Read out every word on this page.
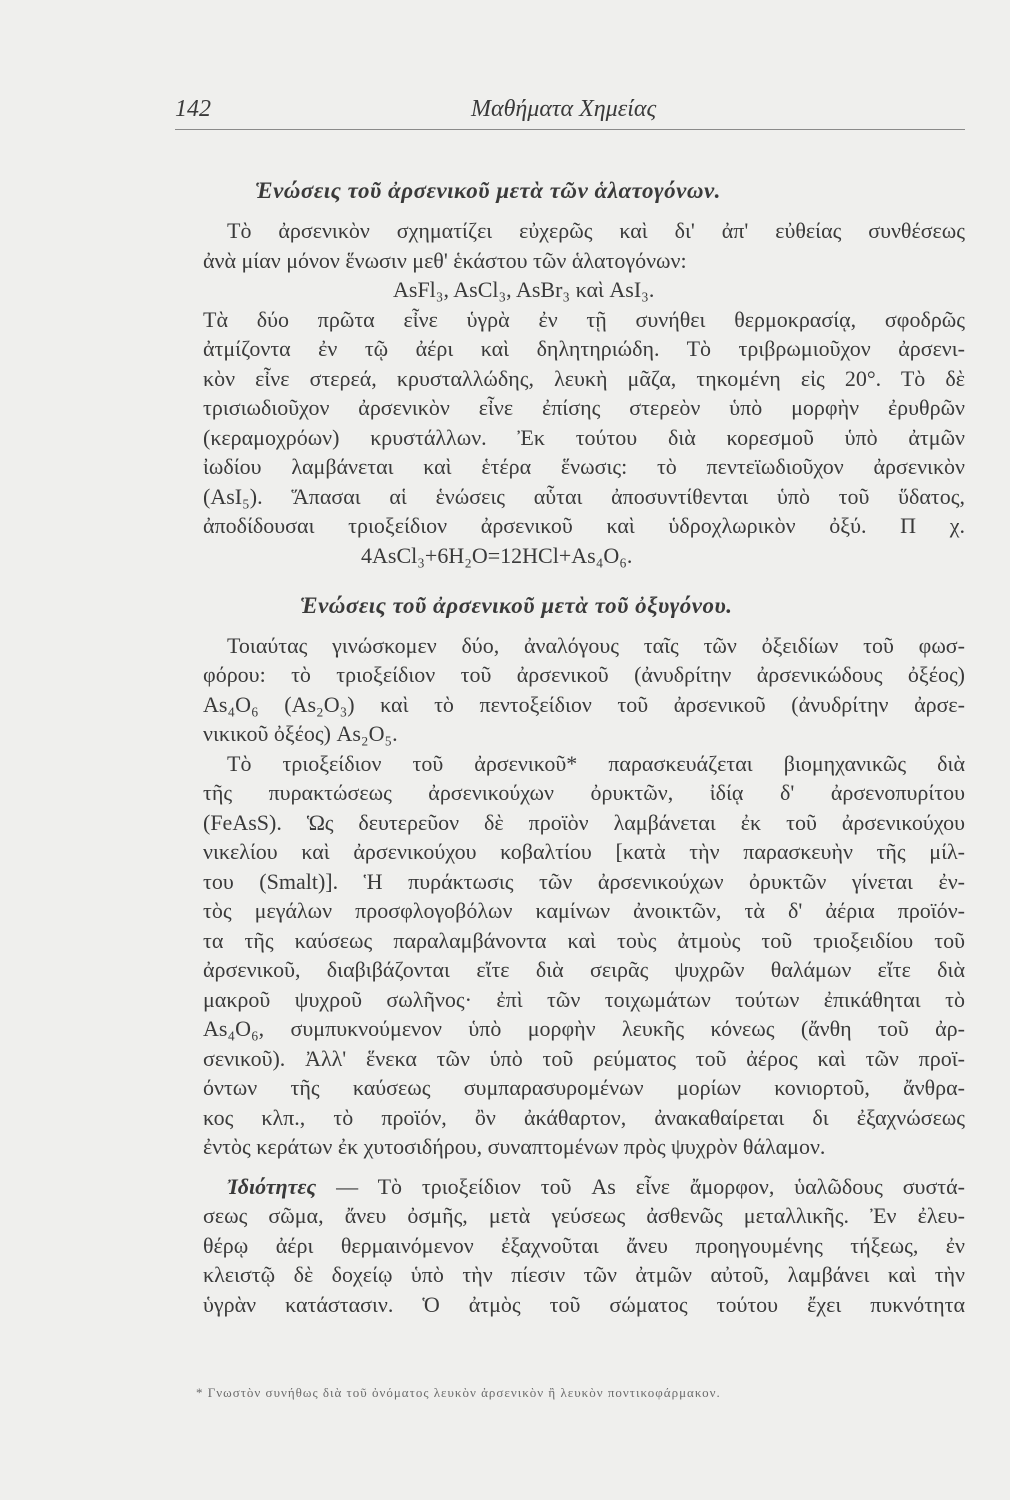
142	Μαθήματα Χημείας
Ἑνώσεις τοῦ ἀρσενικοῦ μετὰ τῶν ἁλατογόνων.
Τὸ ἀρσενικὸν σχηματίζει εὐχερῶς καὶ δι' ἀπ' εὐθείας συνθέσεως
ἀνὰ μίαν μόνον ἕνωσιν μεθ' ἑκάστου τῶν ἁλατογόνων:
AsFl₃, AsCl₃, AsBr₃ καὶ AsI₃.
Τὰ δύο πρῶτα εἶνε ὑγρὰ ἐν τῇ συνήθει θερμοκρασίᾳ, σφοδρῶς
ἀτμίζοντα ἐν τῷ ἀέρι καὶ δηλητηριώδη. Τὸ τριβρωμιοῦχον ἀρσενι-
κὸν εἶνε στερεά, κρυσταλλώδης, λευκὴ μᾶζα, τηκομένη εἰς 20°. Τὸ δὲ
τρισιωδιοῦχον ἀρσενικὸν εἶνε ἐπίσης στερεὸν ὑπὸ μορφὴν ἐρυθρῶν
(κεραμοχρόων) κρυστάλλων. Ἐκ τούτου διὰ κορεσμοῦ ὑπὸ ἀτμῶν
ἰωδίου λαμβάνεται καὶ ἑτέρα ἕνωσις: τὸ πεντεϊωδιοῦχον ἀρσενικὸν
(AsI₅). Ἅπασαι αἱ ἑνώσεις αὗται ἀποσυντίθενται ὑπὸ τοῦ ὕδατος,
ἀποδίδουσαι τριοξείδιον ἀρσενικοῦ καὶ ὑδροχλωρικὸν ὀξύ. Π χ.
4AsCl₃+6H₂O=12HCl+As₄O₆.
Ἑνώσεις τοῦ ἀρσενικοῦ μετὰ τοῦ ὀξυγόνου.
Τοιαύτας γινώσκομεν δύο, ἀναλόγους ταῖς τῶν ὀξειδίων τοῦ φωσ-
φόρου: τὸ τριοξείδιον τοῦ ἀρσενικοῦ (ἀνυδρίτην ἀρσενικώδους ὀξέος)
As₄O₆ (As₂O₃) καὶ τὸ πεντοξείδιον τοῦ ἀρσενικοῦ (ἀνυδρίτην ἀρσε-
νικικοῦ ὀξέος) As₂O₅.
Τὸ τριοξείδιον τοῦ ἀρσενικοῦ* παρασκευάζεται βιομηχανικῶς διὰ
τῆς πυρακτώσεως ἀρσενικούχων ὀρυκτῶν, ἰδίᾳ δ' ἀρσενοπυρίτου
(FeAsS). Ὡς δευτερεῦον δὲ προϊὸν λαμβάνεται ἐκ τοῦ ἀρσενικούχου
νικελίου καὶ ἀρσενικούχου κοβαλτίου [κατὰ τὴν παρασκευὴν τῆς μίλ-
του (Smalt)]. Ἡ πυράκτωσις τῶν ἀρσενικούχων ὀρυκτῶν γίνεται ἐν-
τὸς μεγάλων προσφλογοβόλων καμίνων ἀνοικτῶν, τὰ δ' ἀέρια προϊόν-
τα τῆς καύσεως παραλαμβάνοντα καὶ τοὺς ἀτμοὺς τοῦ τριοξειδίου τοῦ
ἀρσενικοῦ, διαβιβάζονται εἴτε διὰ σειρᾶς ψυχρῶν θαλάμων εἴτε διὰ
μακροῦ ψυχροῦ σωλῆνος· ἐπὶ τῶν τοιχωμάτων τούτων ἐπικάθηται τὸ
As₄O₆, συμπυκνούμενον ὑπὸ μορφὴν λευκῆς κόνεως (ἄνθη τοῦ ἀρ-
σενικοῦ). Ἀλλ' ἕνεκα τῶν ὑπὸ τοῦ ρεύματος τοῦ ἀέρος καὶ τῶν προϊ-
όντων τῆς καύσεως συμπαρασυρομένων μορίων κονιορτοῦ, ἄνθρα-
κος κλπ., τὸ προϊόν, ὂν ἀκάθαρτον, ἀνακαθαίρεται δι ἐξαχνώσεως
ἐντὸς κεράτων ἐκ χυτοσιδήρου, συναπτομένων πρὸς ψυχρὸν θάλαμον.
Ἰδιότητες — Τὸ τριοξείδιον τοῦ As εἶνε ἄμορφον, ὑαλῶδους συστά-
σεως σῶμα, ἄνευ ὀσμῆς, μετὰ γεύσεως ἀσθενῶς μεταλλικῆς. Ἐν ἐλευ-
θέρῳ ἀέρι θερμαινόμενον ἐξαχνοῦται ἄνευ προηγουμένης τήξεως, ἐν
κλειστῷ δὲ δοχείῳ ὑπὸ τὴν πίεσιν τῶν ἀτμῶν αὐτοῦ, λαμβάνει καὶ τὴν
ὑγρὰν κατάστασιν. Ὁ ἀτμὸς τοῦ σώματος τούτου ἔχει πυκνότητα
* Γνωστὸν συνήθως διὰ τοῦ ὀνόματος λευκὸν ἀρσενικὸν ἢ λευκὸν ποντικοφάρμακον.
